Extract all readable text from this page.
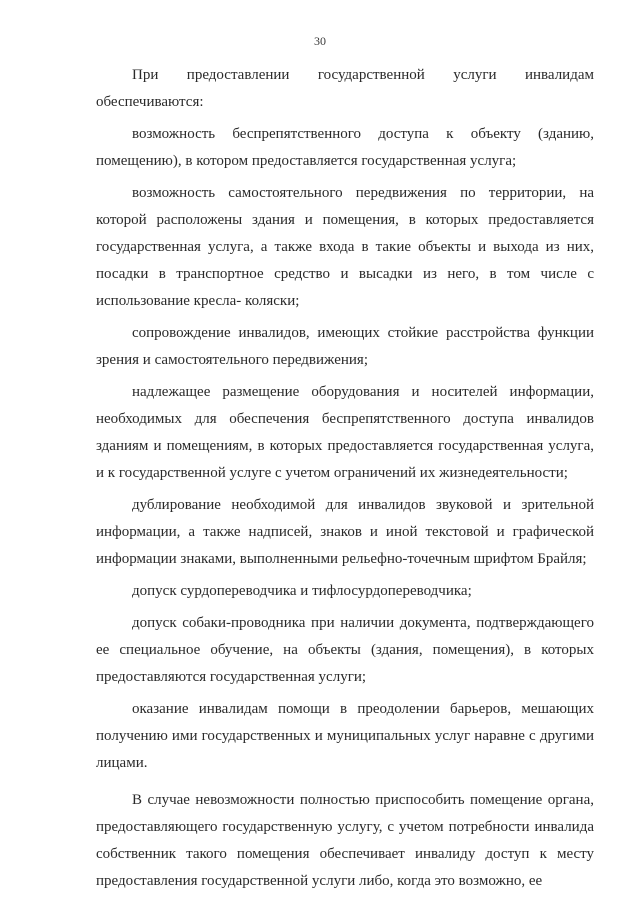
30

При предоставлении государственной услуги инвалидам обеспечиваются:

возможность беспрепятственного доступа к объекту (зданию, помещению), в котором предоставляется государственная услуга;

возможность самостоятельного передвижения по территории, на которой расположены здания и помещения, в которых предоставляется государственная услуга, а также входа в такие объекты и выхода из них, посадки в транспортное средство и высадки из него, в том числе с использование кресла- коляски;

сопровождение инвалидов, имеющих стойкие расстройства функции зрения и самостоятельного передвижения;

надлежащее размещение оборудования и носителей информации, необходимых для обеспечения беспрепятственного доступа инвалидов зданиям и помещениям, в которых предоставляется государственная услуга, и к государственной услуге с учетом ограничений их жизнедеятельности;

дублирование необходимой для инвалидов звуковой и зрительной информации, а также надписей, знаков и иной текстовой и графической информации знаками, выполненными рельефно-точечным шрифтом Брайля;

допуск сурдопереводчика и тифлосурдопереводчика;

допуск собаки-проводника при наличии документа, подтверждающего ее специальное обучение, на объекты (здания, помещения), в которых предоставляются государственная услуги;

оказание инвалидам помощи в преодолении барьеров, мешающих получению ими государственных и муниципальных услуг наравне с другими лицами.

В случае невозможности полностью приспособить помещение органа, предоставляющего государственную услугу, с учетом потребности инвалида собственник такого помещения обеспечивает инвалиду доступ к месту предоставления государственной услуги либо, когда это возможно, ее
